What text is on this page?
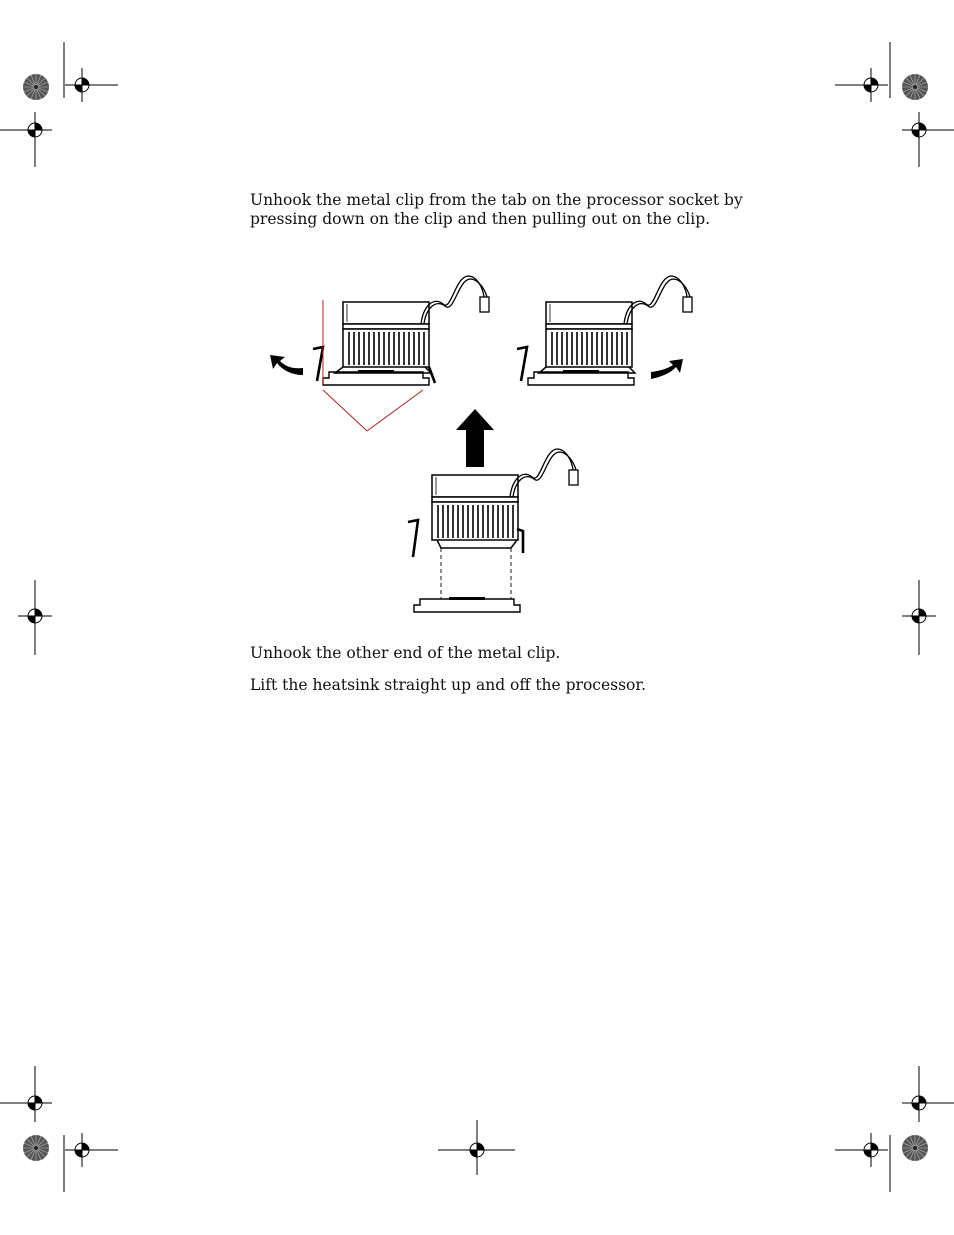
Unhook the metal clip from the tab on the processor socket by pressing down on the clip and then pulling out on the clip.

Unhook the other end of the metal clip.

Lift the heatsink straight up and off the processor.
